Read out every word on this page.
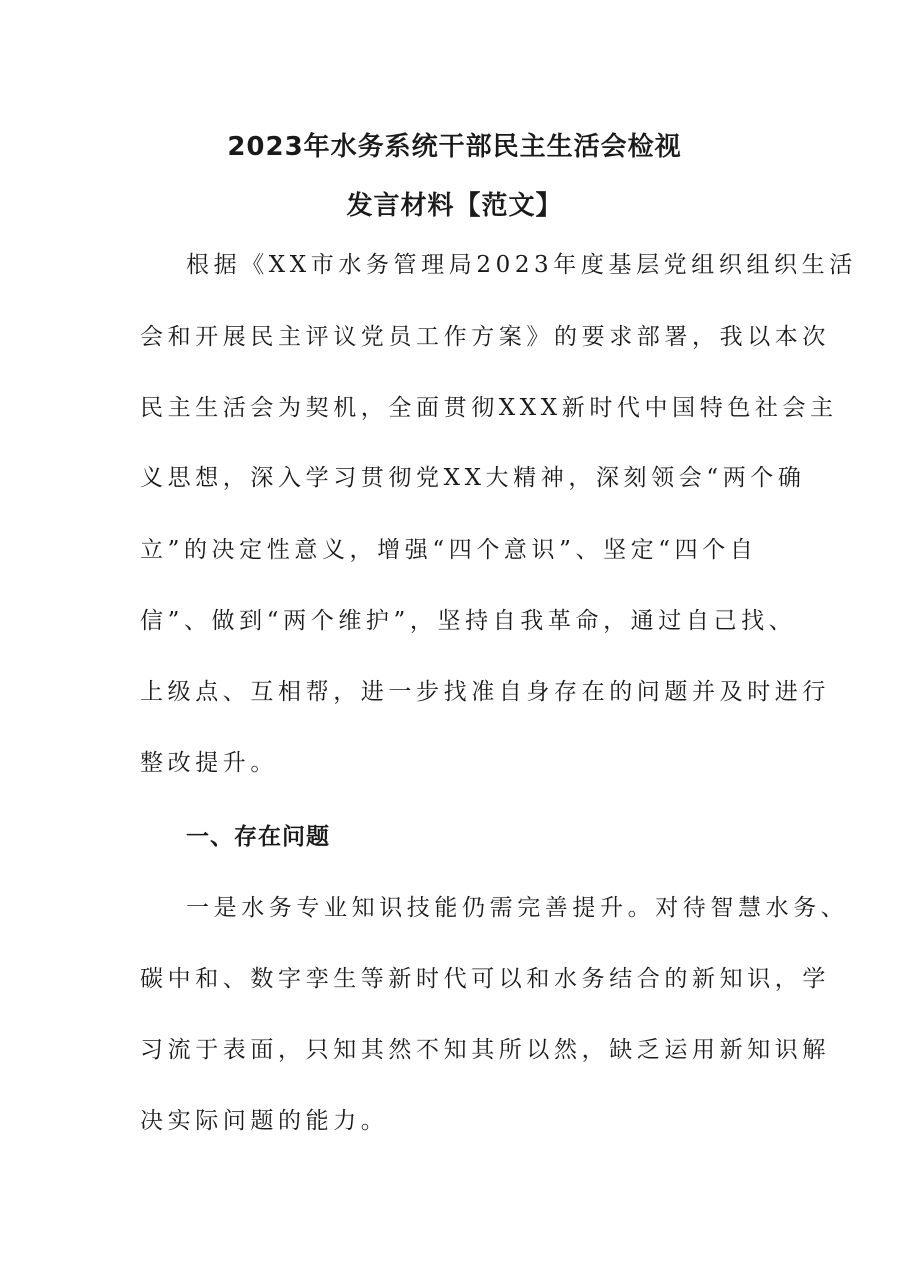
2023年水务系统干部民主生活会检视
发言材料【范文】
根据《XX市水务管理局2023年度基层党组织组织生活
会和开展民主评议党员工作方案》的要求部署，我以本次
民主生活会为契机，全面贯彻XXX新时代中国特色社会主
义思想，深入学习贯彻党XX大精神，深刻领会“两个确
立”的决定性意义，增强“四个意识”、坚定“四个自
信”、做到“两个维护”，坚持自我革命，通过自己找、
上级点、互相帮，进一步找准自身存在的问题并及时进行
整改提升。
一、存在问题
一是水务专业知识技能仍需完善提升。对待智慧水务、
碳中和、数字孪生等新时代可以和水务结合的新知识，学
习流于表面，只知其然不知其所以然，缺乏运用新知识解
决实际问题的能力。
